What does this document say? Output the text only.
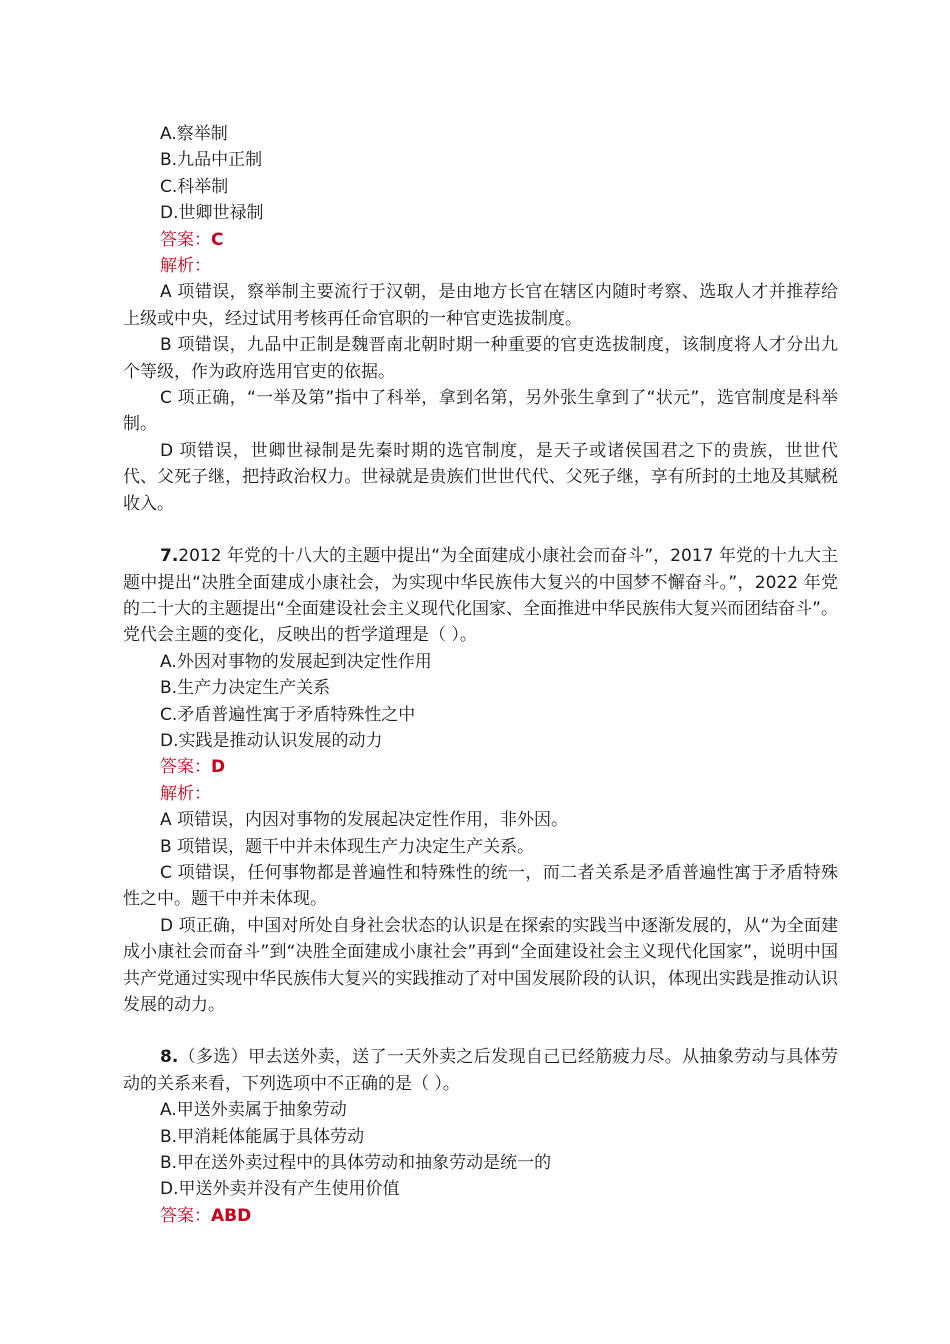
A.察举制

B.九品中正制

C.科举制

D.世卿世禄制

答案：C

解析：

A 项错误，察举制主要流行于汉朝，是由地方长官在辖区内随时考察、选取人才并推荐给上级或中央，经过试用考核再任命官职的一种官吏选拔制度。

B 项错误，九品中正制是魏晋南北朝时期一种重要的官吏选拔制度，该制度将人才分出九个等级，作为政府选用官吏的依据。

C 项正确，“一举及第”指中了科举，拿到名第，另外张生拿到了“状元”，选官制度是科举制。

D 项错误，世卿世禄制是先秦时期的选官制度，是天子或诸侯国君之下的贵族，世世代代、父死子继，把持政治权力。世禄就是贵族们世世代代、父死子继，享有所封的土地及其赋税收入。

7.2012 年党的十八大的主题中提出“为全面建成小康社会而奋斗”，2017 年党的十九大主题中提出“决胜全面建成小康社会，为实现中华民族伟大复兴的中国梦不懈奋斗。”，2022 年党的二十大的主题提出“全面建设社会主义现代化国家、全面推进中华民族伟大复兴而团结奋斗”。党代会主题的变化，反映出的哲学道理是（ ）。

A.外因对事物的发展起到决定性作用

B.生产力决定生产关系

C.矛盾普遍性寓于矛盾特殊性之中

D.实践是推动认识发展的动力

答案：D

解析：

A 项错误，内因对事物的发展起决定性作用，非外因。

B 项错误，题干中并未体现生产力决定生产关系。

C 项错误，任何事物都是普遍性和特殊性的统一，而二者关系是矛盾普遍性寓于矛盾特殊性之中。题干中并未体现。

D 项正确，中国对所处自身社会状态的认识是在探索的实践当中逐渐发展的，从“为全面建成小康社会而奋斗”到“决胜全面建成小康社会”再到“全面建设社会主义现代化国家”，说明中国共产党通过实现中华民族伟大复兴的实践推动了对中国发展阶段的认识，体现出实践是推动认识发展的动力。

8.（多选）甲去送外卖，送了一天外卖之后发现自己已经筋疲力尽。从抽象劳动与具体劳动的关系来看，下列选项中不正确的是（ ）。

A.甲送外卖属于抽象劳动

B.甲消耗体能属于具体劳动

B.甲在送外卖过程中的具体劳动和抽象劳动是统一的

D.甲送外卖并没有产生使用价值

答案：ABD
